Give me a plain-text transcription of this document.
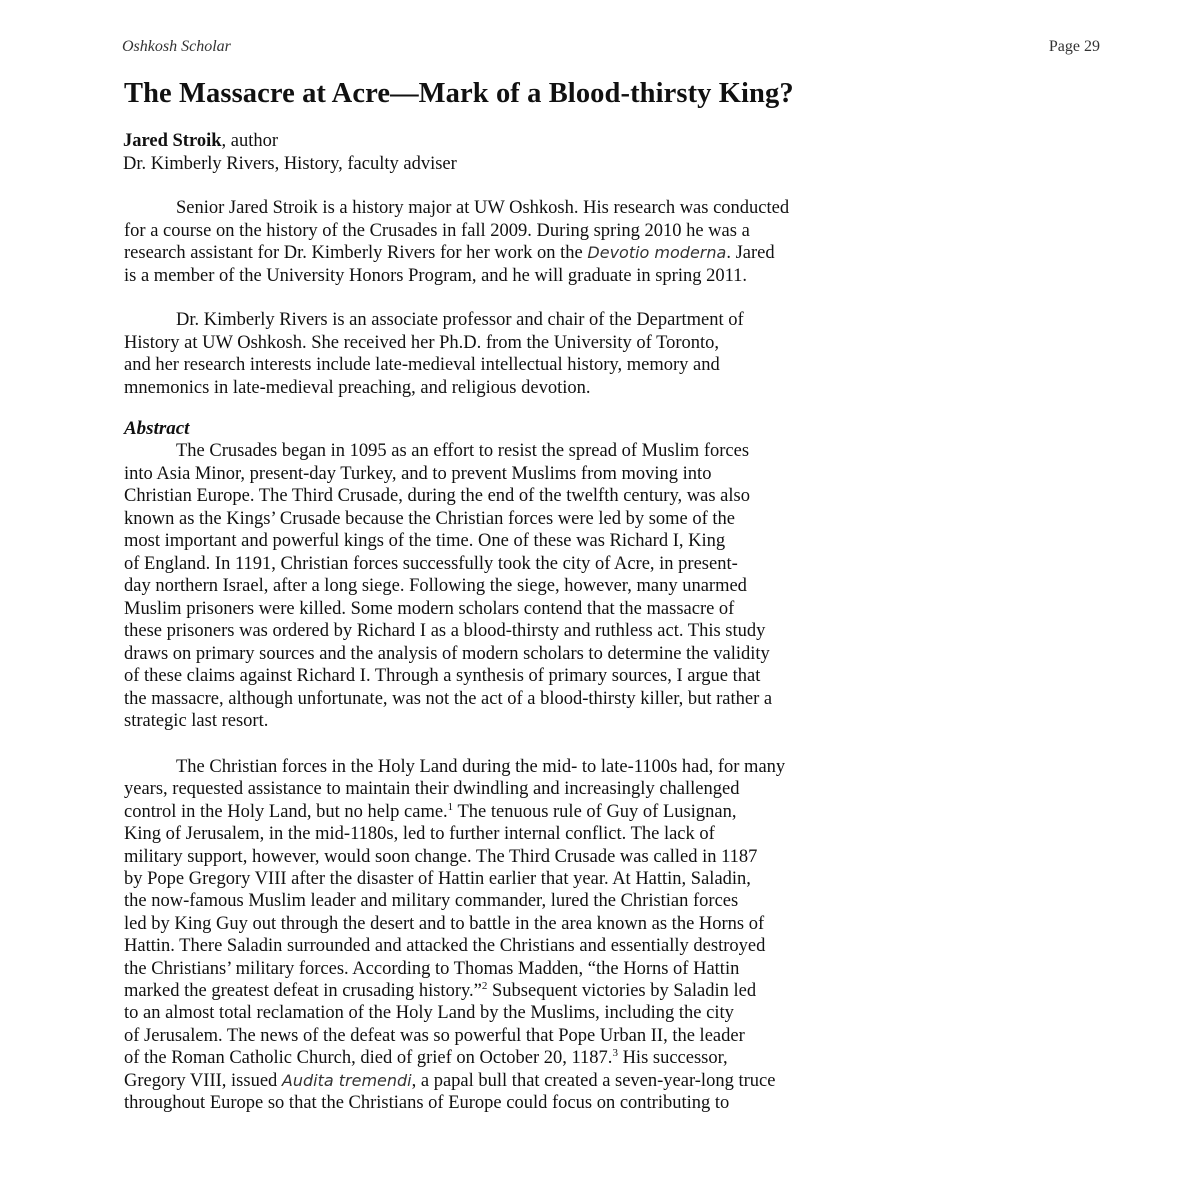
Oshkosh Scholar	Page 29
The Massacre at Acre—Mark of a Blood-thirsty King?
Jared Stroik, author
Dr. Kimberly Rivers, History, faculty adviser
Senior Jared Stroik is a history major at UW Oshkosh. His research was conducted
for a course on the history of the Crusades in fall 2009. During spring 2010 he was a
research assistant for Dr. Kimberly Rivers for her work on the Devotio moderna. Jared
is a member of the University Honors Program, and he will graduate in spring 2011.
Dr. Kimberly Rivers is an associate professor and chair of the Department of
History at UW Oshkosh. She received her Ph.D. from the University of Toronto,
and her research interests include late-medieval intellectual history, memory and
mnemonics in late-medieval preaching, and religious devotion.
Abstract
The Crusades began in 1095 as an effort to resist the spread of Muslim forces
into Asia Minor, present-day Turkey, and to prevent Muslims from moving into
Christian Europe. The Third Crusade, during the end of the twelfth century, was also
known as the Kings’ Crusade because the Christian forces were led by some of the
most important and powerful kings of the time. One of these was Richard I, King
of England. In 1191, Christian forces successfully took the city of Acre, in present-
day northern Israel, after a long siege. Following the siege, however, many unarmed
Muslim prisoners were killed. Some modern scholars contend that the massacre of
these prisoners was ordered by Richard I as a blood-thirsty and ruthless act. This study
draws on primary sources and the analysis of modern scholars to determine the validity
of these claims against Richard I. Through a synthesis of primary sources, I argue that
the massacre, although unfortunate, was not the act of a blood-thirsty killer, but rather a
strategic last resort.
The Christian forces in the Holy Land during the mid- to late-1100s had, for many
years, requested assistance to maintain their dwindling and increasingly challenged
control in the Holy Land, but no help came.$^1$ The tenuous rule of Guy of Lusignan,
King of Jerusalem, in the mid-1180s, led to further internal conflict. The lack of
military support, however, would soon change. The Third Crusade was called in 1187
by Pope Gregory VIII after the disaster of Hattin earlier that year. At Hattin, Saladin,
the now-famous Muslim leader and military commander, lured the Christian forces
led by King Guy out through the desert and to battle in the area known as the Horns of
Hattin. There Saladin surrounded and attacked the Christians and essentially destroyed
the Christians’ military forces. According to Thomas Madden, “the Horns of Hattin
marked the greatest defeat in crusading history.”$^2$ Subsequent victories by Saladin led
to an almost total reclamation of the Holy Land by the Muslims, including the city
of Jerusalem. The news of the defeat was so powerful that Pope Urban II, the leader
of the Roman Catholic Church, died of grief on October 20, 1187.$^3$ His successor,
Gregory VIII, issued Audita tremendi, a papal bull that created a seven-year-long truce
throughout Europe so that the Christians of Europe could focus on contributing to
